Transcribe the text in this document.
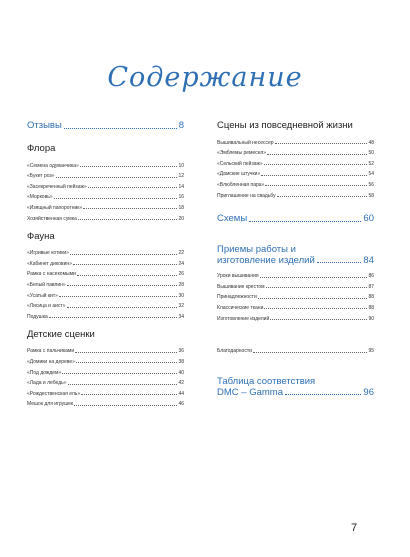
Содержание
Отзывы	8
Флора
«Семена одуванчика»	10
«Букет роз»	12
«Засекреченный пейзаж»	14
«Морковь»	16
«Изящный папоротник»	18
Хозяйственная сумка	20
Фауна
«Игривые котики»	22
«Кабинет диковин»	24
Рамка с насекомыми	26
«Белый павлин»	28
«Усатый кит»	30
«Лисица и аист»	32
Подушка	34
Детские сценки
Рамка с пальчиками	36
«Домики на дереве»	38
«Под дождем»	40
«Лада и лебедь»	42
«Рождественская ель»	44
Мешок для игрушек	46
Сцены из повседневной жизни
Вышивальный несессер	48
«Эмблемы ремесел»	50
«Сельский пейзаж»	52
«Дамские штучки»	54
«Влюбленная пара»	56
Приглашение на свадьбу	58
Схемы	60
Приемы работы и
изготовление изделий	84
Уроки вышивания	86
Вышивание крестом	87
Принадлежности	88
Классические ткани	88
Изготовление изделий	90
Благодарности	95
Таблица соответствия
DMC – Gamma	96
7
